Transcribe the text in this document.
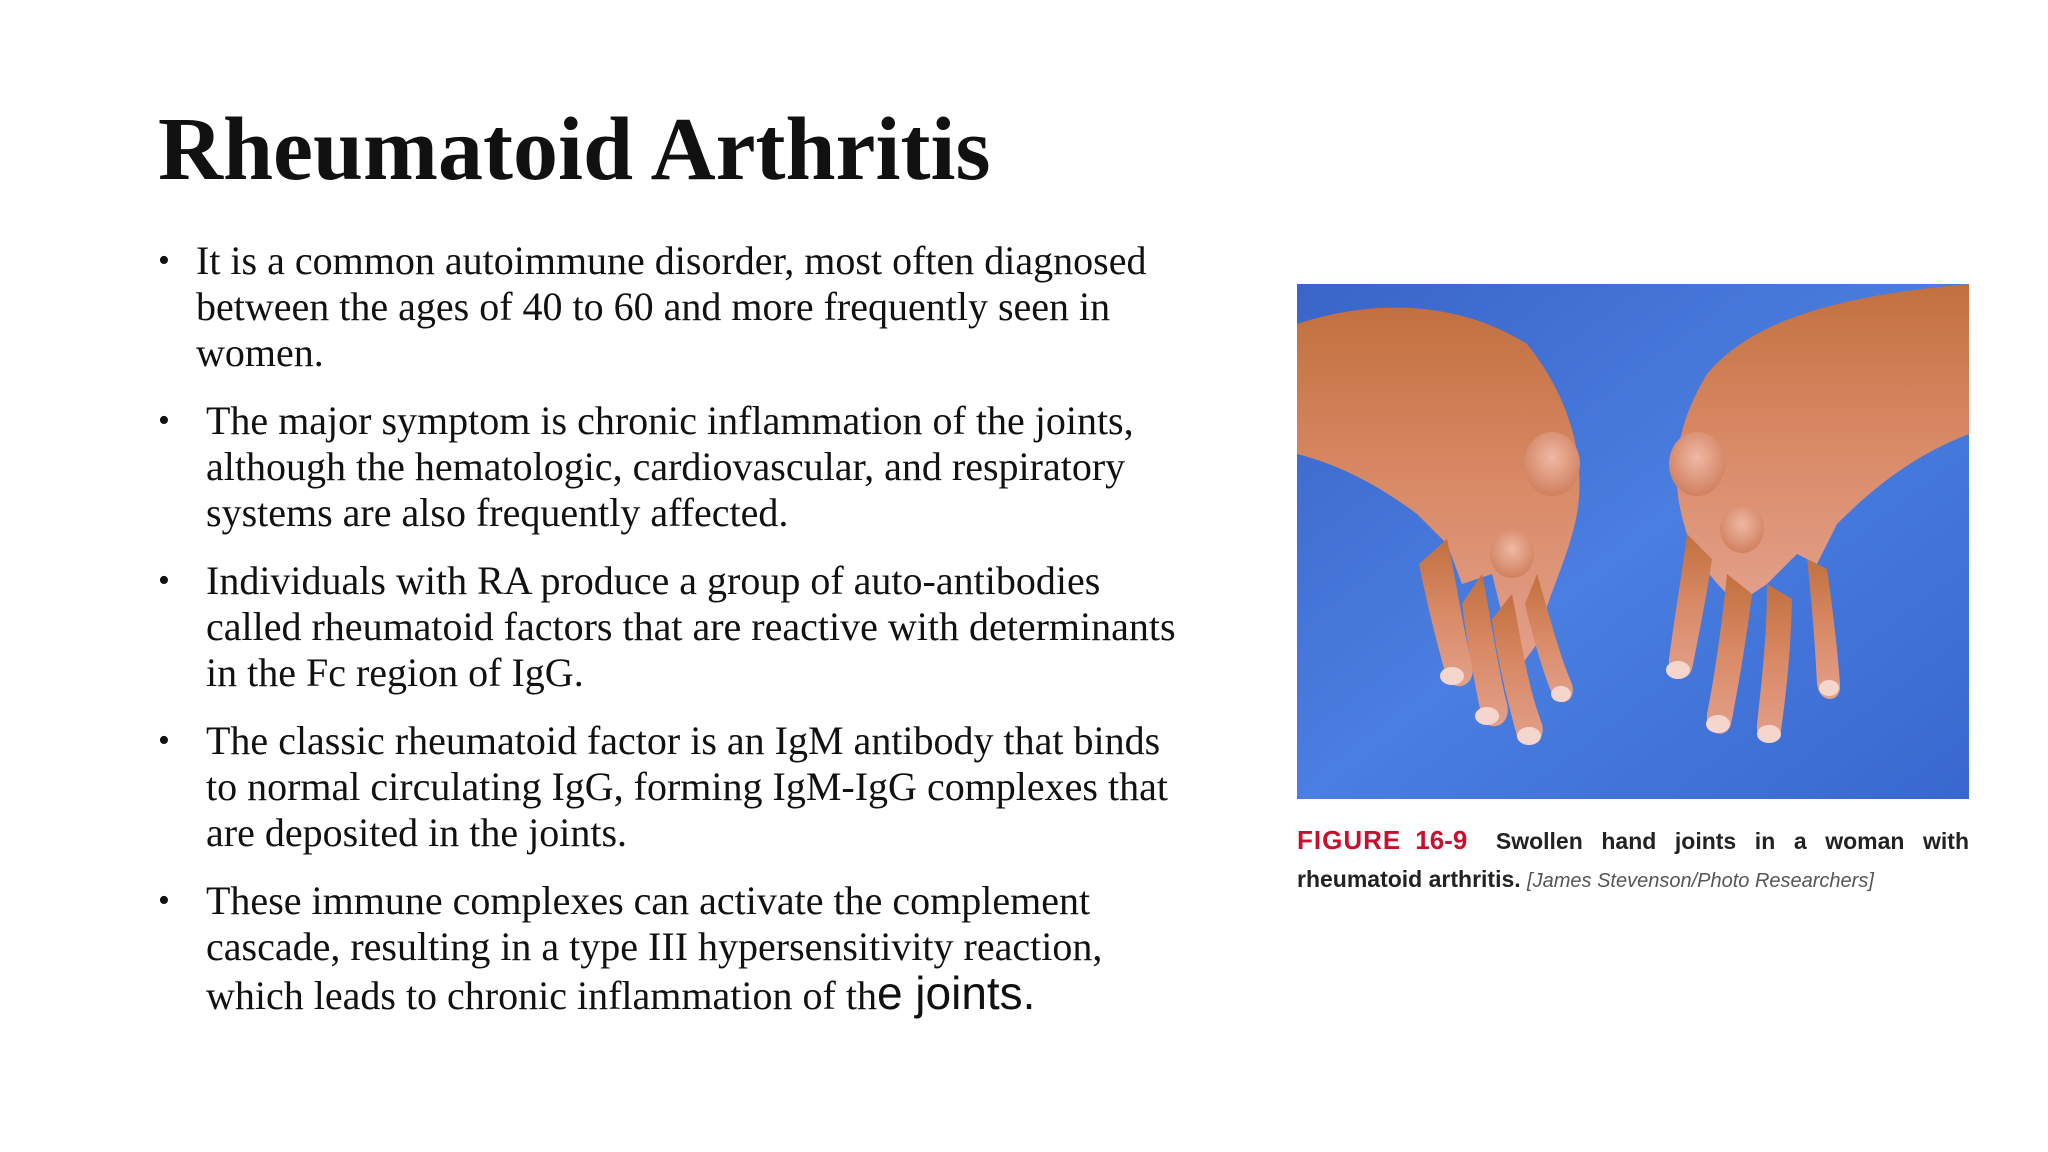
Rheumatoid Arthritis
• It is a common autoimmune disorder, most often diagnosed between the ages of 40 to 60 and more frequently seen in women.
• The major symptom is chronic inflammation of the joints, although the hematologic, cardiovascular, and respiratory systems are also frequently affected.
• Individuals with RA produce a group of auto-antibodies called rheumatoid factors that are reactive with determinants in the Fc region of IgG.
• The classic rheumatoid factor is an IgM antibody that binds to normal circulating IgG, forming IgM-IgG complexes that are deposited in the joints.
• These immune complexes can activate the complement cascade, resulting in a type III hypersensitivity reaction, which leads to chronic inflammation of the joints.
FIGURE 16-9 Swollen hand joints in a woman with rheumatoid arthritis. [James Stevenson/Photo Researchers]
